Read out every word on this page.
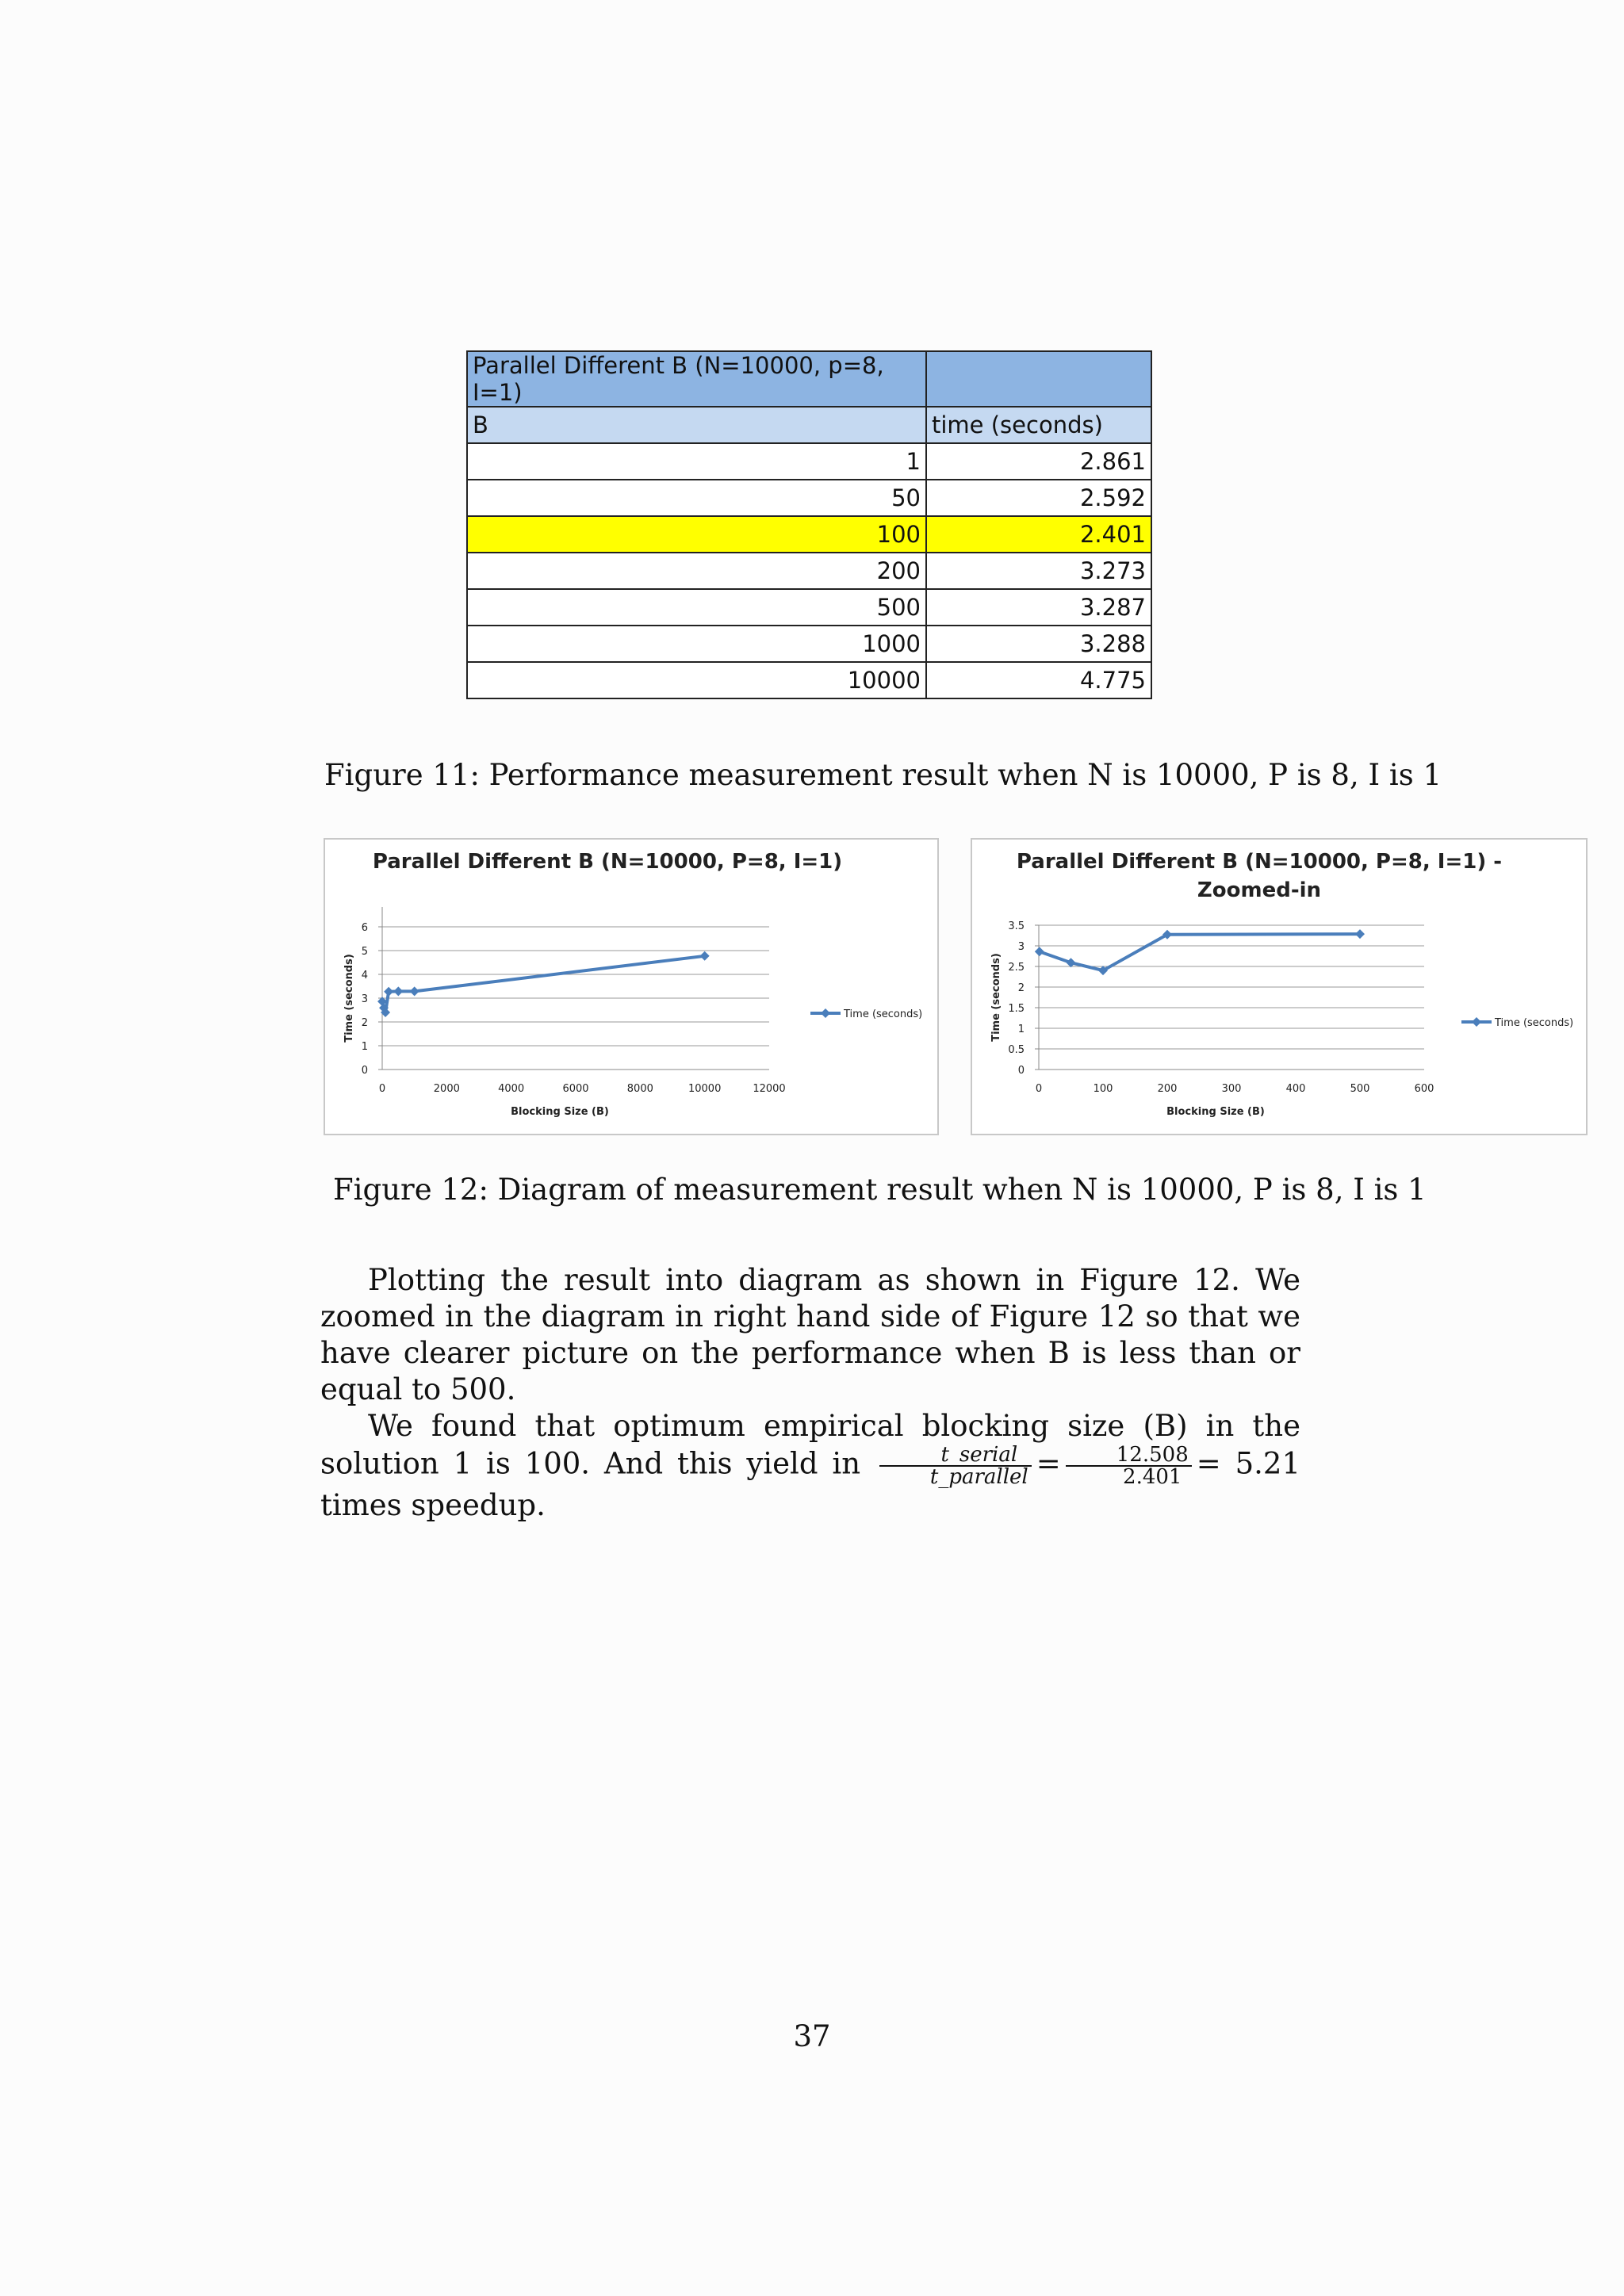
Parallel Different B (N=10000, p=8, I=1)	
B	time (seconds)
1	2.861
50	2.592
100	2.401
200	3.273
500	3.287
1000	3.288
10000	4.775
Figure 11: Performance measurement result when N is 10000, P is 8, I is 1
Parallel Different B (N=10000, P=8, I=1)
0
1
2
3
4
5
6
0	2000	4000	6000	8000	10000	12000
Blocking Size (B)
Time (seconds)	Time (seconds)
Parallel Different B (N=10000, P=8, I=1) -
Zoomed-in
0
0.5
1
1.5
2
2.5
3
3.5
0	100	200	300	400	500	600
Blocking Size (B)
Time (seconds)	Time (seconds)
Figure 12: Diagram of measurement result when N is 10000, P is 8, I is 1

Plotting the result into diagram as shown in Figure 12. We zoomed in the diagram in right hand side of Figure 12 so that we have clearer picture on the performance when B is less than or equal to 500.

We found that optimum empirical blocking size (B) in the solution 1 is 100. And this yield in $\frac{\text{t\_serial}}{\text{t\_parallel}} = \frac{12.508}{2.401} = 5.21$ times speedup.

37
